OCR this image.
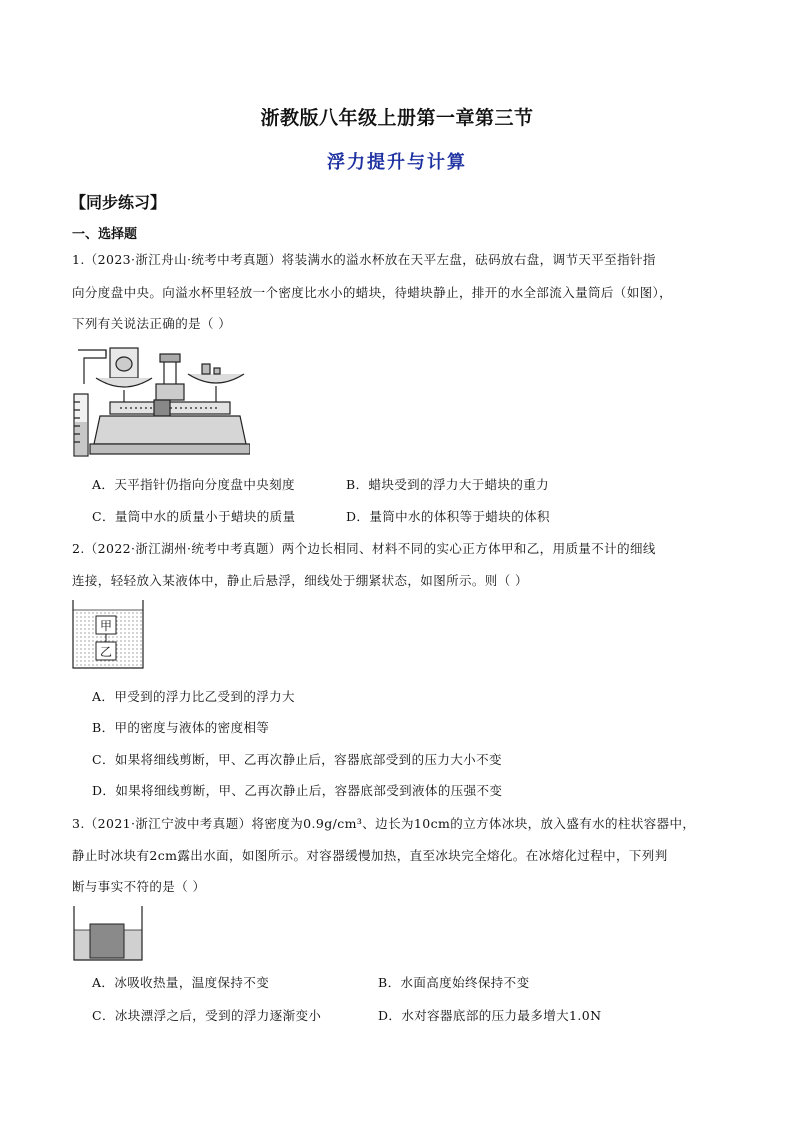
浙教版八年级上册第一章第三节
浮力提升与计算
【同步练习】
一、选择题
1.（2023·浙江舟山·统考中考真题）将装满水的溢水杯放在天平左盘，砝码放右盘，调节天平至指针指
向分度盘中央。向溢水杯里轻放一个密度比水小的蜡块，待蜡块静止，排开的水全部流入量筒后（如图），
下列有关说法正确的是（ ）
A．天平指针仍指向分度盘中央刻度	B．蜡块受到的浮力大于蜡块的重力
C．量筒中水的质量小于蜡块的质量	D．量筒中水的体积等于蜡块的体积
2.（2022·浙江湖州·统考中考真题）两个边长相同、材料不同的实心正方体甲和乙，用质量不计的细线
连接，轻轻放入某液体中，静止后悬浮，细线处于绷紧状态，如图所示。则（ ）
甲
乙
A．甲受到的浮力比乙受到的浮力大
B．甲的密度与液体的密度相等
C．如果将细线剪断，甲、乙再次静止后，容器底部受到的压力大小不变
D．如果将细线剪断，甲、乙再次静止后，容器底部受到液体的压强不变
3.（2021·浙江宁波中考真题）将密度为0.9g/cm³、边长为10cm的立方体冰块，放入盛有水的柱状容器中，
静止时冰块有2cm露出水面，如图所示。对容器缓慢加热，直至冰块完全熔化。在冰熔化过程中，下列判
断与事实不符的是（ ）
A．冰吸收热量，温度保持不变	B．水面高度始终保持不变
C．冰块漂浮之后，受到的浮力逐渐变小	D．水对容器底部的压力最多增大1.0N
